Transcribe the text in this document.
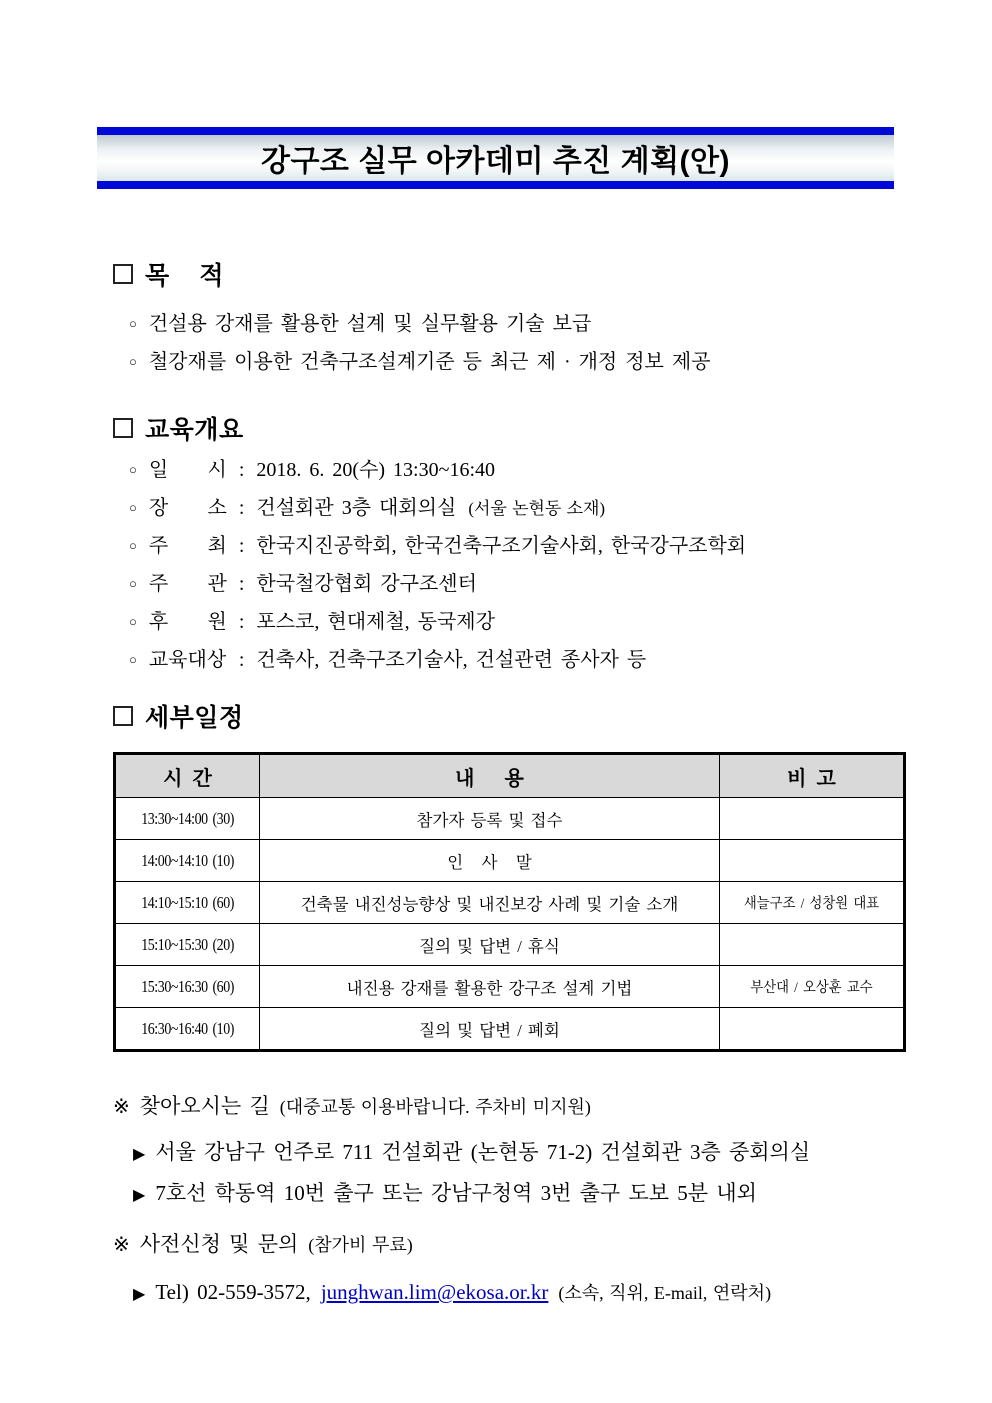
강구조 실무 아카데미 추진 계획(안)
목    적
○ 건설용 강재를 활용한 설계 및 실무활용 기술 보급
○ 철강재를 이용한 건축구조설계기준 등 최근 제 · 개정 정보 제공
교육개요
○ 일 시 : 2018. 6. 20(수) 13:30~16:40
○ 장 소 : 건설회관 3층 대회의실 (서울 논현동 소재)
○ 주 최 : 한국지진공학회, 한국건축구조기술사회, 한국강구조학회
○ 주 관 : 한국철강협회 강구조센터
○ 후 원 : 포스코, 현대제철, 동국제강
○ 교육대상 : 건축사, 건축구조기술사, 건설관련 종사자 등
세부일정
시  간	내      용	비  고
13:30~14:00 (30)	참가자 등록 및 접수	
14:00~14:10 (10)	인   사   말	
14:10~15:10 (60)	건축물 내진성능향상 및 내진보강 사례 및 기술 소개	새늘구조 / 성창원 대표
15:10~15:30 (20)	질의 및 답변 / 휴식	
15:30~16:30 (60)	내진용 강재를 활용한 강구조 설계 기법	부산대 / 오상훈 교수
16:30~16:40 (10)	질의 및 답변 / 폐회	
※ 찾아오시는 길 (대중교통 이용바랍니다. 주차비 미지원)
▶ 서울 강남구 언주로 711 건설회관 (논현동 71-2) 건설회관 3층 중회의실
▶ 7호선 학동역 10번 출구 또는 강남구청역 3번 출구 도보 5분 내외
※ 사전신청 및 문의 (참가비 무료)
▶ Tel) 02-559-3572, junghwan.lim@ekosa.or.kr (소속, 직위, E-mail, 연락처)
